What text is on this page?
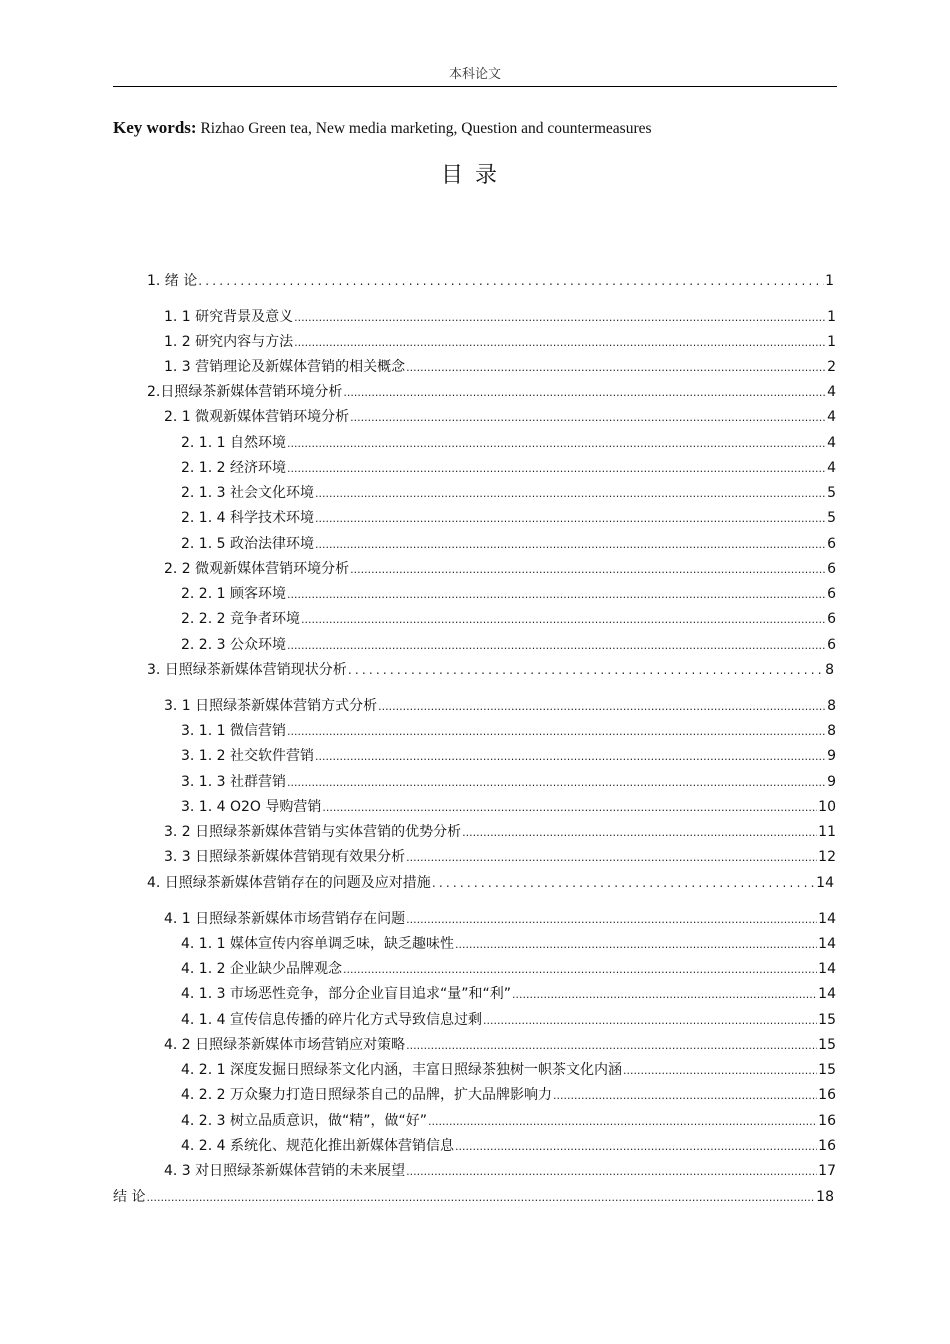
本科论文
Key words: Rizhao Green tea, New media marketing, Question and countermeasures
目录
1. 绪 论 .....	1
1. 1 研究背景及意义 .....	1
1. 2 研究内容与方法 .....	1
1. 3 营销理论及新媒体营销的相关概念 .....	2
2.日照绿茶新媒体营销环境分析 .....	4
2. 1 微观新媒体营销环境分析 .....	4
2. 1. 1 自然环境 .....	4
2. 1. 2 经济环境 .....	4
2. 1. 3 社会文化环境 .....	5
2. 1. 4 科学技术环境 .....	5
2. 1. 5 政治法律环境 .....	6
2. 2 微观新媒体营销环境分析 .....	6
2. 2. 1 顾客环境 .....	6
2. 2. 2 竞争者环境 .....	6
2. 2. 3 公众环境 .....	6
3. 日照绿茶新媒体营销现状分析 .....	8
3. 1 日照绿茶新媒体营销方式分析 .....	8
3. 1. 1 微信营销 .....	8
3. 1. 2 社交软件营销 .....	9
3. 1. 3 社群营销 .....	9
3. 1. 4 O2O 导购营销 .....	10
3. 2 日照绿茶新媒体营销与实体营销的优势分析 .....	11
3. 3 日照绿茶新媒体营销现有效果分析 .....	12
4. 日照绿茶新媒体营销存在的问题及应对措施 .....	14
4. 1 日照绿茶新媒体市场营销存在问题 .....	14
4. 1. 1 媒体宣传内容单调乏味，缺乏趣味性 .....	14
4. 1. 2 企业缺少品牌观念 .....	14
4. 1. 3 市场恶性竞争，部分企业盲目追求“量”和“利” .....	14
4. 1. 4 宣传信息传播的碎片化方式导致信息过剩 .....	15
4. 2 日照绿茶新媒体市场营销应对策略 .....	15
4. 2. 1 深度发掘日照绿茶文化内涵，丰富日照绿茶独树一帜茶文化内涵 .....	15
4. 2. 2 万众聚力打造日照绿茶自己的品牌，扩大品牌影响力 .....	16
4. 2. 3 树立品质意识，做“精”，做“好” .....	16
4. 2. 4 系统化、规范化推出新媒体营销信息 .....	16
4. 3 对日照绿茶新媒体营销的未来展望 .....	17
结 论 .....	18
